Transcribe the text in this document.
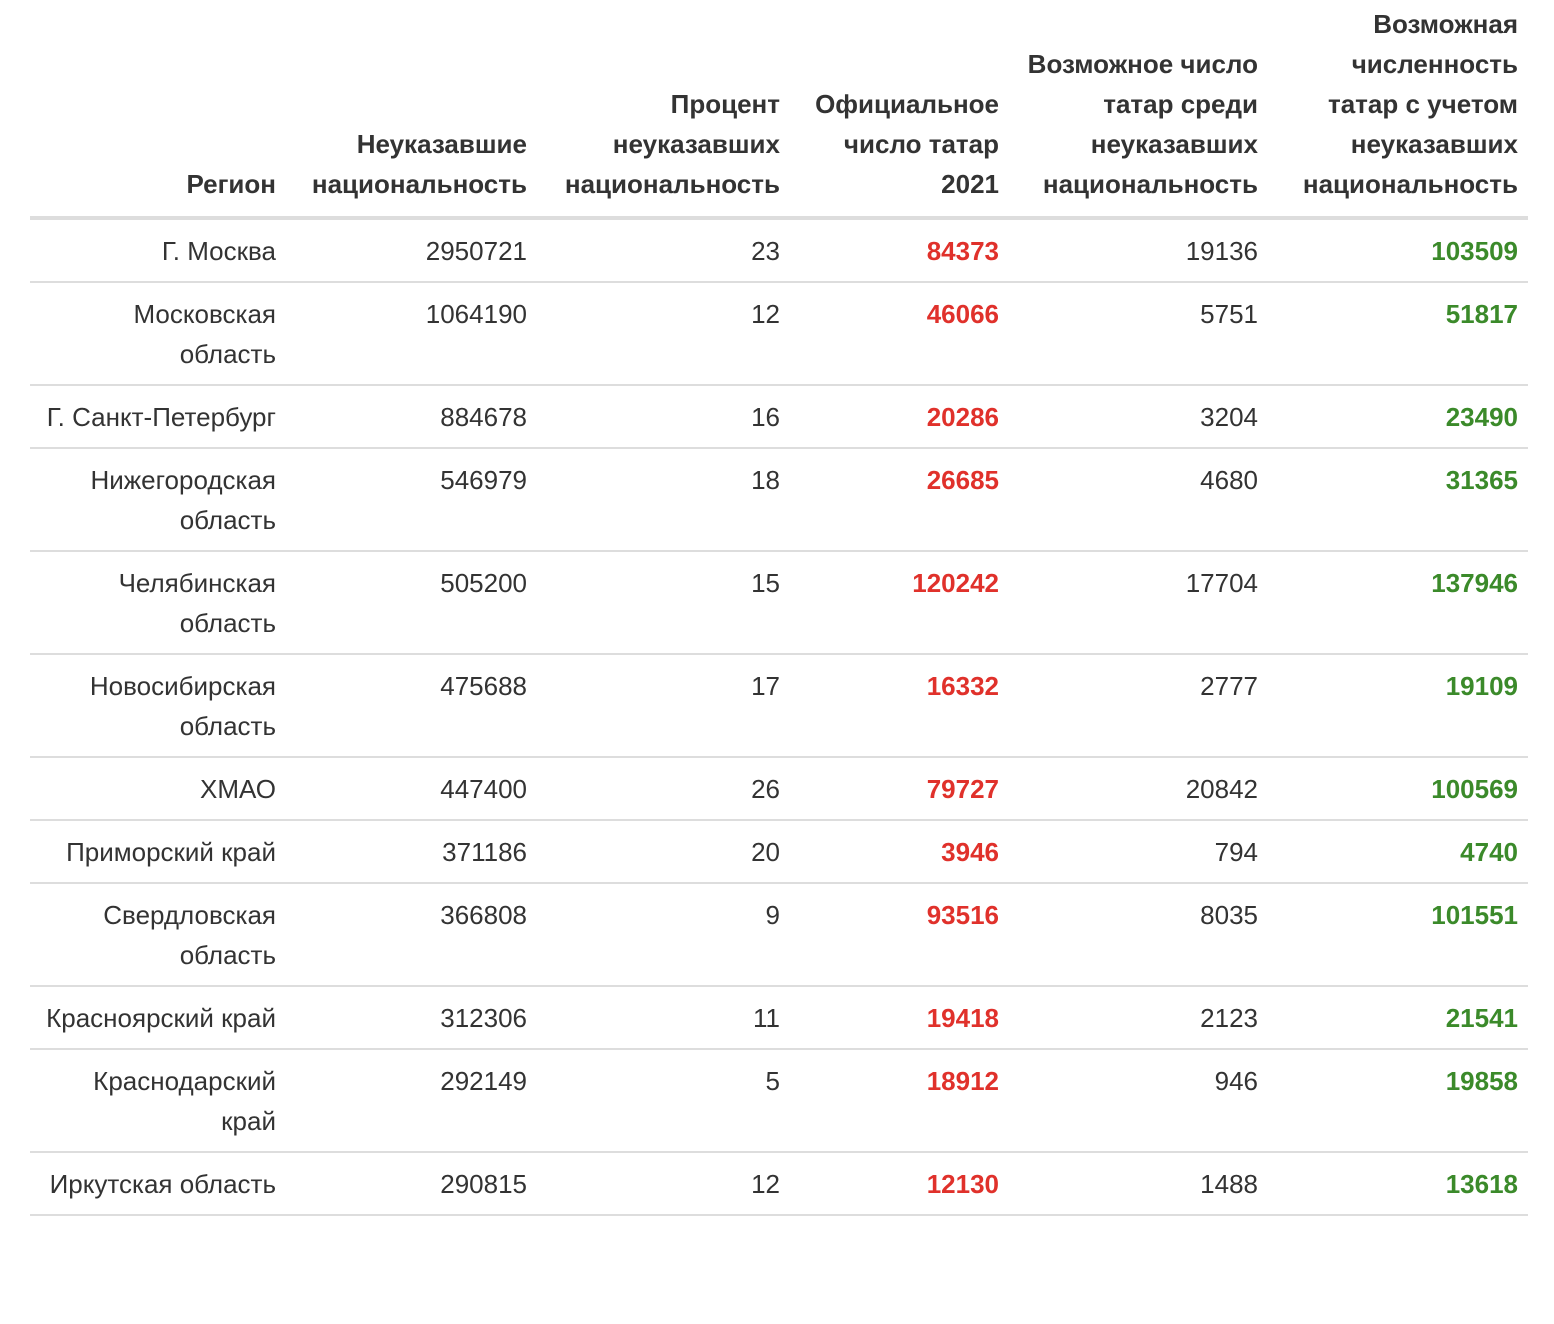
Регион	Неуказавшие национальность	Процент неуказавших национальность	Официальное число татар 2021	Возможное число татар среди неуказавших национальность	Возможная численность татар с учетом неуказавших национальность
Г. Москва	2950721	23	84373	19136	103509
Московская область	1064190	12	46066	5751	51817
Г. Санкт-Петербург	884678	16	20286	3204	23490
Нижегородская область	546979	18	26685	4680	31365
Челябинская область	505200	15	120242	17704	137946
Новосибирская область	475688	17	16332	2777	19109
ХМАО	447400	26	79727	20842	100569
Приморский край	371186	20	3946	794	4740
Свердловская область	366808	9	93516	8035	101551
Красноярский край	312306	11	19418	2123	21541
Краснодарский край	292149	5	18912	946	19858
Иркутская область	290815	12	12130	1488	13618
